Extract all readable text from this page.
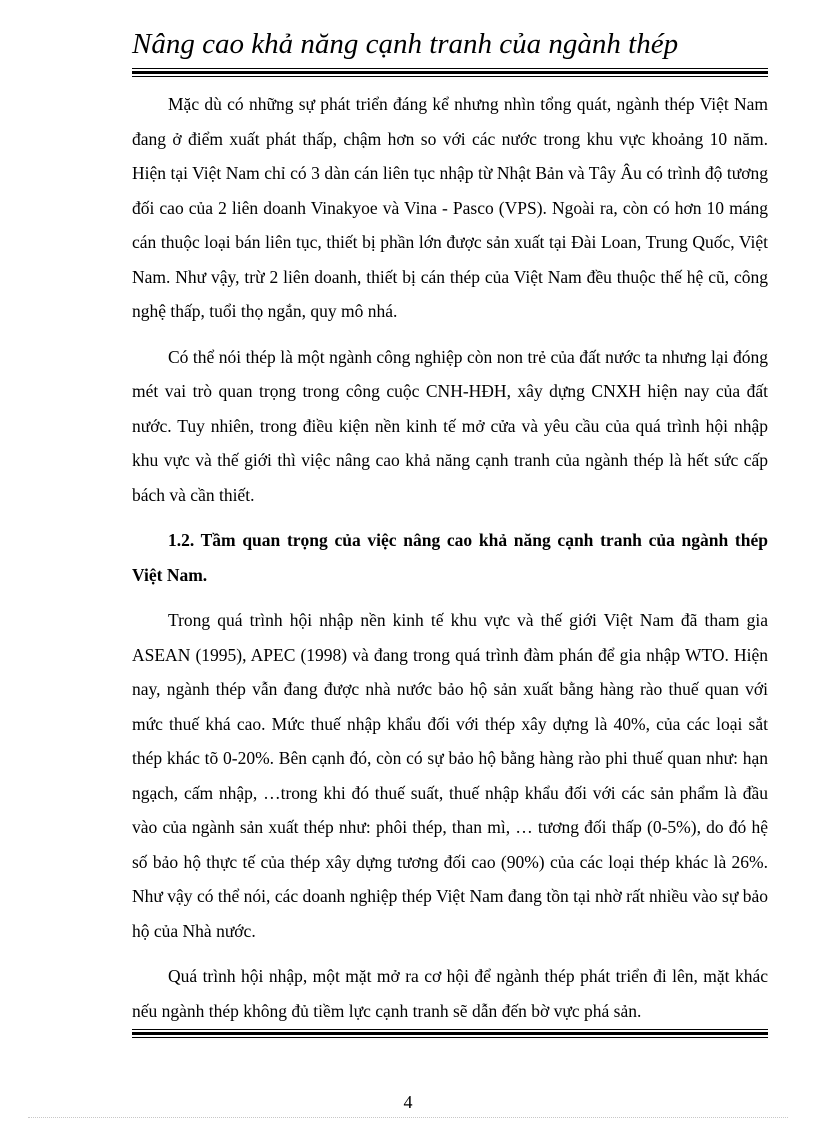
Nâng cao khả năng cạnh tranh của ngành thép

Mặc dù có những sự phát triển đáng kể nhưng nhìn tổng quát, ngành thép Việt Nam đang ở điểm xuất phát thấp, chậm hơn so với các nước trong khu vực khoảng 10 năm. Hiện tại Việt Nam chỉ có 3 dàn cán liên tục nhập từ Nhật Bản và Tây Âu có trình độ tương đối cao của 2 liên doanh Vinakyoe và Vina - Pasco (VPS). Ngoài ra, còn có hơn 10 máng cán thuộc loại bán liên tục, thiết bị phần lớn được sản xuất tại Đài Loan, Trung Quốc, Việt Nam. Như vậy, trừ 2 liên doanh, thiết bị cán thép của Việt Nam đều thuộc thế hệ cũ, công nghệ thấp, tuổi thọ ngắn, quy mô nhá.

Có thể nói thép là một ngành công nghiệp còn non trẻ của đất nước ta nhưng lại đóng mét vai trò quan trọng trong công cuộc CNH-HĐH, xây dựng CNXH hiện nay của đất nước. Tuy nhiên, trong điều kiện nền kinh tế mở cửa và yêu cầu của quá trình hội nhập khu vực và thế giới thì việc nâng cao khả năng cạnh tranh của ngành thép là hết sức cấp bách và cần thiết.

1.2. Tầm quan trọng của việc nâng cao khả năng cạnh tranh của ngành thép Việt Nam.

Trong quá trình hội nhập nền kinh tế khu vực và thế giới Việt Nam đã tham gia ASEAN (1995), APEC (1998) và đang trong quá trình đàm phán để gia nhập WTO. Hiện nay, ngành thép vẫn đang được nhà nước bảo hộ sản xuất bằng hàng rào thuế quan với mức thuế khá cao. Mức thuế nhập khẩu đối với thép xây dựng là 40%, của các loại sắt thép khác tõ 0-20%. Bên cạnh đó, còn có sự bảo hộ bằng hàng rào phi thuế quan như: hạn ngạch, cấm nhập, …trong khi đó thuế suất, thuế nhập khẩu đối với các sản phẩm là đầu vào của ngành sản xuất thép như: phôi thép, than mì, … tương đối thấp (0-5%), do đó hệ số bảo hộ thực tế của thép xây dựng tương đối cao (90%) của các loại thép khác là 26%. Như vậy có thể nói, các doanh nghiệp thép Việt Nam đang tồn tại nhờ rất nhiều vào sự bảo hộ của Nhà nước.

Quá trình hội nhập, một mặt mở ra cơ hội để ngành thép phát triển đi lên, mặt khác nếu ngành thép không đủ tiềm lực cạnh tranh sẽ dẫn đến bờ vực phá sản.

4
